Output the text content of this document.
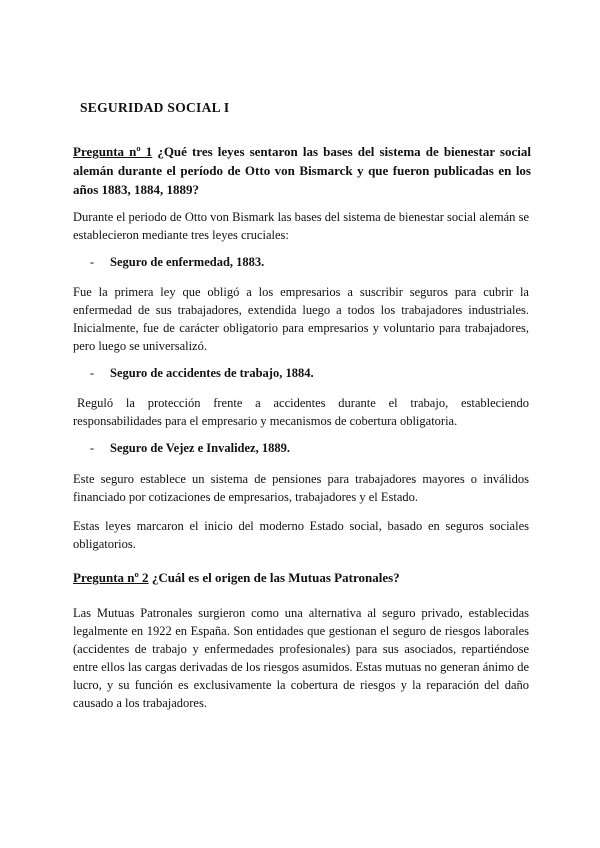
SEGURIDAD SOCIAL I
Pregunta nº 1 ¿Qué tres leyes sentaron las bases del sistema de bienestar social alemán durante el período de Otto von Bismarck y que fueron publicadas en los años 1883, 1884, 1889?
Durante el periodo de Otto von Bismark las bases del sistema de bienestar social alemán se establecieron mediante tres leyes cruciales:
- Seguro de enfermedad, 1883.
Fue la primera ley que obligó a los empresarios a suscribir seguros para cubrir la enfermedad de sus trabajadores, extendida luego a todos los trabajadores industriales. Inicialmente, fue de carácter obligatorio para empresarios y voluntario para trabajadores, pero luego se universalizó.
- Seguro de accidentes de trabajo, 1884.
Reguló la protección frente a accidentes durante el trabajo, estableciendo responsabilidades para el empresario y mecanismos de cobertura obligatoria.
- Seguro de Vejez e Invalidez, 1889.
Este seguro establece un sistema de pensiones para trabajadores mayores o inválidos financiado por cotizaciones de empresarios, trabajadores y el Estado.
Estas leyes marcaron el inicio del moderno Estado social, basado en seguros sociales obligatorios.
Pregunta nº 2 ¿Cuál es el origen de las Mutuas Patronales?
Las Mutuas Patronales surgieron como una alternativa al seguro privado, establecidas legalmente en 1922 en España. Son entidades que gestionan el seguro de riesgos laborales (accidentes de trabajo y enfermedades profesionales) para sus asociados, repartiéndose entre ellos las cargas derivadas de los riesgos asumidos. Estas mutuas no generan ánimo de lucro, y su función es exclusivamente la cobertura de riesgos y la reparación del daño causado a los trabajadores.
